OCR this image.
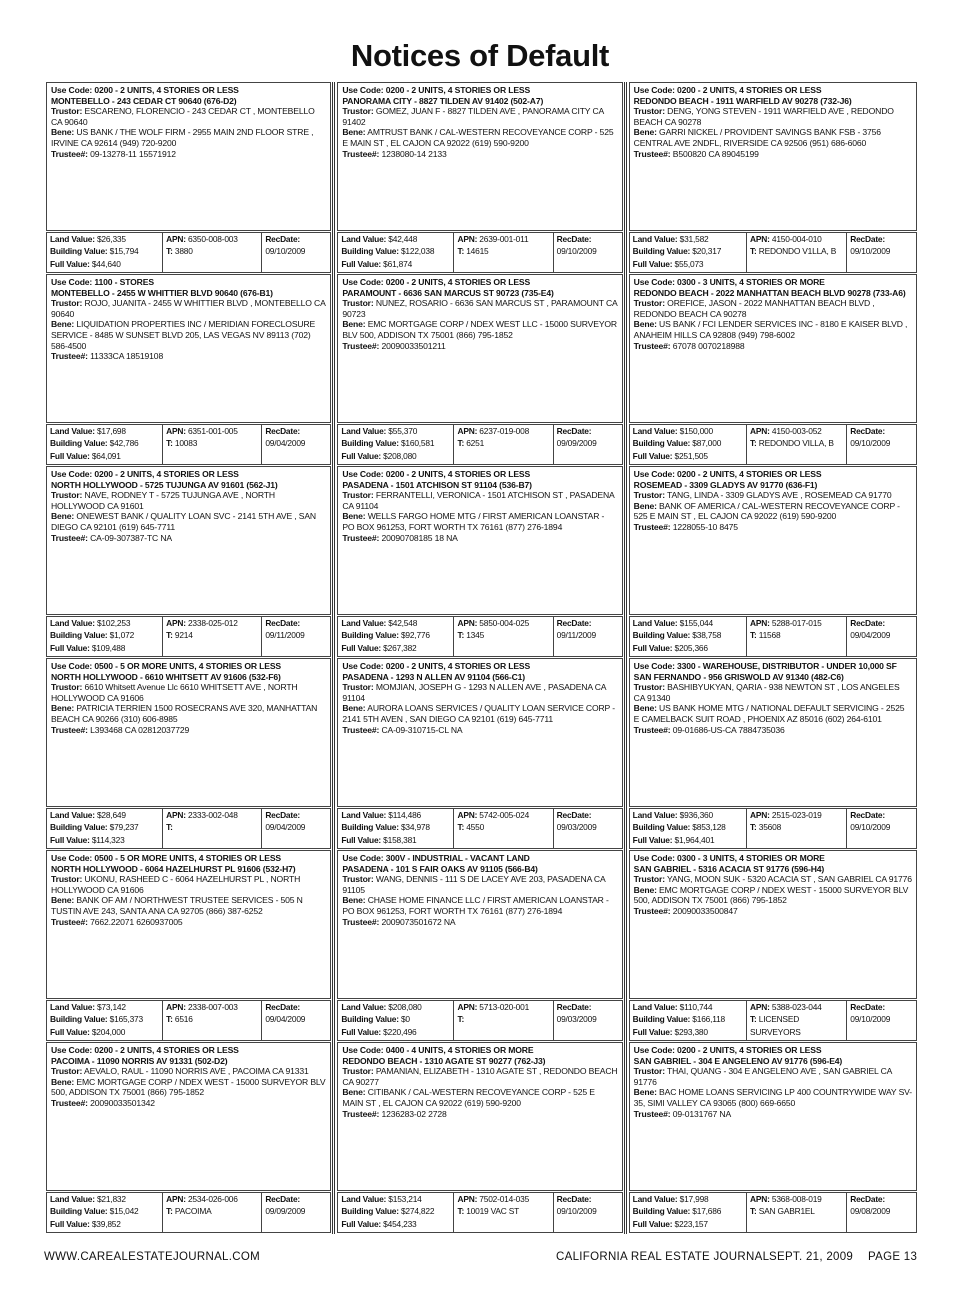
Notices of Default
Use Code: 0200 - 2 UNITS, 4 STORIES OR LESS
MONTEBELLO - 243 CEDAR CT 90640 (676-D2)
Trustor: ESCARENO, FLORENCIO - 243 CEDAR CT , MONTEBELLO CA 90640
Bene: US BANK / THE WOLF FIRM - 2955 MAIN 2ND FLOOR STRE , IRVINE CA 92614 (949) 720-9200
Trustee#: 09-13278-11 15571912
Land Value: $26,335
Building Value: $15,794
Full Value: $44,640
APN: 6350-008-003
T: 3880
RecDate:
09/10/2009
Use Code: 0200 - 2 UNITS, 4 STORIES OR LESS
PANORAMA CITY - 8827 TILDEN AV 91402 (502-A7)
Trustor: GOMEZ, JUAN F - 8827 TILDEN AVE , PANORAMA CITY CA 91402
Bene: AMTRUST BANK / CAL-WESTERN RECOVEYANCE CORP - 525 E MAIN ST , EL CAJON CA 92022 (619) 590-9200
Trustee#: 1238080-14 2133
Land Value: $42,448
Building Value: $122,038
Full Value: $61,874
APN: 2639-001-011
T: 14615
RecDate:
09/10/2009
Use Code: 0200 - 2 UNITS, 4 STORIES OR LESS
REDONDO BEACH - 1911 WARFIELD AV 90278 (732-J6)
Trustor: DENG, YONG STEVEN - 1911 WARFIELD AVE , REDONDO BEACH CA 90278
Bene: GARRI NICKEL / PROVIDENT SAVINGS BANK FSB - 3756 CENTRAL AVE 2NDFL, RIVERSIDE CA 92506 (951) 686-6060
Trustee#: B500820 CA 89045199
Land Value: $31,582
Building Value: $20,317
Full Value: $55,073
APN: 4150-004-010
T: REDONDO V1LLA, B
RecDate:
09/10/2009
Use Code: 1100 - STORES
MONTEBELLO - 2455 W WHITTIER BLVD 90640 (676-B1)
Trustor: ROJO, JUANITA - 2455 W WHITTIER BLVD , MONTEBELLO CA 90640
Bene: LIQUIDATION PROPERTIES INC / MERIDIAN FORECLOSURE SERVICE - 8485 W SUNSET BLVD 205, LAS VEGAS NV 89113 (702) 586-4500
Trustee#: 11333CA 18519108
Land Value: $17,698
Building Value: $42,786
Full Value: $64,091
APN: 6351-001-005
T: 10083
RecDate:
09/04/2009
Use Code: 0200 - 2 UNITS, 4 STORIES OR LESS
PARAMOUNT - 6636 SAN MARCUS ST 90723 (735-E4)
Trustor: NUNEZ, ROSARIO - 6636 SAN MARCUS ST , PARAMOUNT CA 90723
Bene: EMC MORTGAGE CORP / NDEX WEST LLC - 15000 SURVEYOR BLV 500, ADDISON TX 75001 (866) 795-1852
Trustee#: 20090033501211
Land Value: $55,370
Building Value: $160,581
Full Value: $208,080
APN: 6237-019-008
T: 6251
RecDate:
09/09/2009
Use Code: 0300 - 3 UNITS, 4 STORIES OR MORE
REDONDO BEACH - 2022 MANHATTAN BEACH BLVD 90278 (733-A6)
Trustor: OREFICE, JASON - 2022 MANHATTAN BEACH BLVD , REDONDO BEACH CA 90278
Bene: US BANK / FCI LENDER SERVICES INC - 8180 E KAISER BLVD , ANAHEIM HILLS CA 92808 (949) 798-6002
Trustee#: 67078 0070218988
Land Value: $150,000
Building Value: $87,000
Full Value: $251,505
APN: 4150-003-052
T: REDONDO VILLA, B
RecDate:
09/10/2009
Use Code: 0200 - 2 UNITS, 4 STORIES OR LESS
NORTH HOLLYWOOD - 5725 TUJUNGA AV 91601 (562-J1)
Trustor: NAVE, RODNEY T - 5725 TUJUNGA AVE , NORTH HOLLYWOOD CA 91601
Bene: ONEWEST BANK / QUALITY LOAN SVC - 2141 5TH AVE , SAN DIEGO CA 92101 (619) 645-7711
Trustee#: CA-09-307387-TC NA
Land Value: $102,253
Building Value: $1,072
Full Value: $109,488
APN: 2338-025-012
T: 9214
RecDate:
09/11/2009
Use Code: 0200 - 2 UNITS, 4 STORIES OR LESS
PASADENA - 1501 ATCHISON ST 91104 (536-B7)
Trustor: FERRANTELLI, VERONICA - 1501 ATCHISON ST , PASADENA CA 91104
Bene: WELLS FARGO HOME MTG / FIRST AMERICAN LOANSTAR - PO BOX 961253, FORT WORTH TX 76161 (877) 276-1894
Trustee#: 20090708185 18 NA
Land Value: $42,548
Building Value: $92,776
Full Value: $267,382
APN: 5850-004-025
T: 1345
RecDate:
09/11/2009
Use Code: 0200 - 2 UNITS, 4 STORIES OR LESS
ROSEMEAD - 3309 GLADYS AV 91770 (636-F1)
Trustor: TANG, LINDA - 3309 GLADYS AVE , ROSEMEAD CA 91770
Bene: BANK OF AMERICA / CAL-WESTERN RECOVEYANCE CORP - 525 E MAIN ST , EL CAJON CA 92022 (619) 590-9200
Trustee#: 1228055-10 8475
Land Value: $155,044
Building Value: $38,758
Full Value: $205,366
APN: 5288-017-015
T: 11568
RecDate:
09/04/2009
Use Code: 0500 - 5 OR MORE UNITS, 4 STORIES OR LESS
NORTH HOLLYWOOD - 6610 WHITSETT AV 91606 (532-F6)
Trustor: 6610 Whitsett Avenue Llc 6610 WHITSETT AVE , NORTH HOLLYWOOD CA 91606
Bene: PATRICIA TERRIEN 1500 ROSECRANS AVE 320, MANHATTAN BEACH CA 90266 (310) 606-8985
Trustee#: L393468 CA 02812037729
Land Value: $28,649
Building Value: $79,237
Full Value: $114,323
APN: 2333-002-048
T:
RecDate:
09/04/2009
Use Code: 0200 - 2 UNITS, 4 STORIES OR LESS
PASADENA - 1293 N ALLEN AV 91104 (566-C1)
Trustor: MOMJIAN, JOSEPH G - 1293 N ALLEN AVE , PASADENA CA 91104
Bene: AURORA LOANS SERVICES / QUALITY LOAN SERVICE CORP - 2141 5TH AVEN , SAN DIEGO CA 92101 (619) 645-7711
Trustee#: CA-09-310715-CL NA
Land Value: $114,486
Building Value: $34,978
Full Value: $158,381
APN: 5742-005-024
T: 4550
RecDate:
09/03/2009
Use Code: 3300 - WAREHOUSE, DISTRIBUTOR - UNDER 10,000 SF
SAN FERNANDO - 956 GRISWOLD AV 91340 (482-C6)
Trustor: BASHIBYUKYAN, QARIA - 938 NEWTON ST , LOS ANGELES CA 91340
Bene: US BANK HOME MTG / NATIONAL DEFAULT SERVICING - 2525 E CAMELBACK SUIT ROAD , PHOENIX AZ 85016 (602) 264-6101
Trustee#: 09-01686-US-CA 7884735036
Land Value: $936,360
Building Value: $853,128
Full Value: $1,964,401
APN: 2515-023-019
T: 35608
RecDate:
09/10/2009
Use Code: 0500 - 5 OR MORE UNITS, 4 STORIES OR LESS
NORTH HOLLYWOOD - 6064 HAZELHURST PL 91606 (532-H7)
Trustor: UKONU, RASHEED C - 6064 HAZELHURST PL , NORTH HOLLYWOOD CA 91606
Bene: BANK OF AM / NORTHWEST TRUSTEE SERVICES - 505 N TUSTIN AVE 243, SANTA ANA CA 92705 (866) 387-6252
Trustee#: 7662.22071 6260937005
Land Value: $73,142
Building Value: $165,373
Full Value: $204,000
APN: 2338-007-003
T: 6516
RecDate:
09/04/2009
Use Code: 300V - INDUSTRIAL - VACANT LAND
PASADENA - 101 S FAIR OAKS AV 91105 (566-B4)
Trustor: WANG, DENNIS - 111 S DE LACEY AVE 203, PASADENA CA 91105
Bene: CHASE HOME FINANCE LLC / FIRST AMERICAN LOANSTAR - PO BOX 961253, FORT WORTH TX 76161 (877) 276-1894
Trustee#: 2009073501672 NA
Land Value: $208,080
Building Value: $0
Full Value: $220,496
APN: 5713-020-001
T:
RecDate:
09/03/2009
Use Code: 0300 - 3 UNITS, 4 STORIES OR MORE
SAN GABRIEL - 5316 ACACIA ST 91776 (596-H4)
Trustor: YANG, MOON SUK - 5320 ACACIA ST , SAN GABRIEL CA 91776
Bene: EMC MORTGAGE CORP / NDEX WEST - 15000 SURVEYOR BLV 500, ADDISON TX 75001 (866) 795-1852
Trustee#: 20090033500847
Land Value: $110,744
Building Value: $166,118
Full Value: $293,380
APN: 5388-023-044
T: LICENSED SURVEYORS
RecDate:
09/10/2009
Use Code: 0200 - 2 UNITS, 4 STORIES OR LESS
PACOIMA - 11090 NORRIS AV 91331 (502-D2)
Trustor: AEVALO, RAUL - 11090 NORRIS AVE , PACOIMA CA 91331
Bene: EMC MORTGAGE CORP / NDEX WEST - 15000 SURVEYOR BLV 500, ADDISON TX 75001 (866) 795-1852
Trustee#: 20090033501342
Land Value: $21,832
Building Value: $15,042
Full Value: $39,852
APN: 2534-026-006
T: PACOIMA
RecDate:
09/09/2009
Use Code: 0400 - 4 UNITS, 4 STORIES OR MORE
REDONDO BEACH - 1310 AGATE ST 90277 (762-J3)
Trustor: PAMANIAN, ELIZABETH - 1310 AGATE ST , REDONDO BEACH CA 90277
Bene: CITIBANK / CAL-WESTERN RECOVEYANCE CORP - 525 E MAIN ST , EL CAJON CA 92022 (619) 590-9200
Trustee#: 1236283-02 2728
Land Value: $153,214
Building Value: $274,822
Full Value: $454,233
APN: 7502-014-035
T: 10019 VAC ST
RecDate:
09/10/2009
Use Code: 0200 - 2 UNITS, 4 STORIES OR LESS
SAN GABRIEL - 304 E ANGELENO AV 91776 (596-E4)
Trustor: THAI, QUANG - 304 E ANGELENO AVE , SAN GABRIEL CA 91776
Bene: BAC HOME LOANS SERVICING LP 400 COUNTRYWIDE WAY SV-35, SIMI VALLEY CA 93065 (800) 669-6650
Trustee#: 09-0131767 NA
Land Value: $17,998
Building Value: $17,686
Full Value: $223,157
APN: 5368-008-019
T: SAN GABR1EL
RecDate:
09/08/2009
WWW.CAREALESTATEJOURNAL.COM	CALIFORNIA REAL ESTATE JOURNAL SEPT. 21, 2009 PAGE 13
